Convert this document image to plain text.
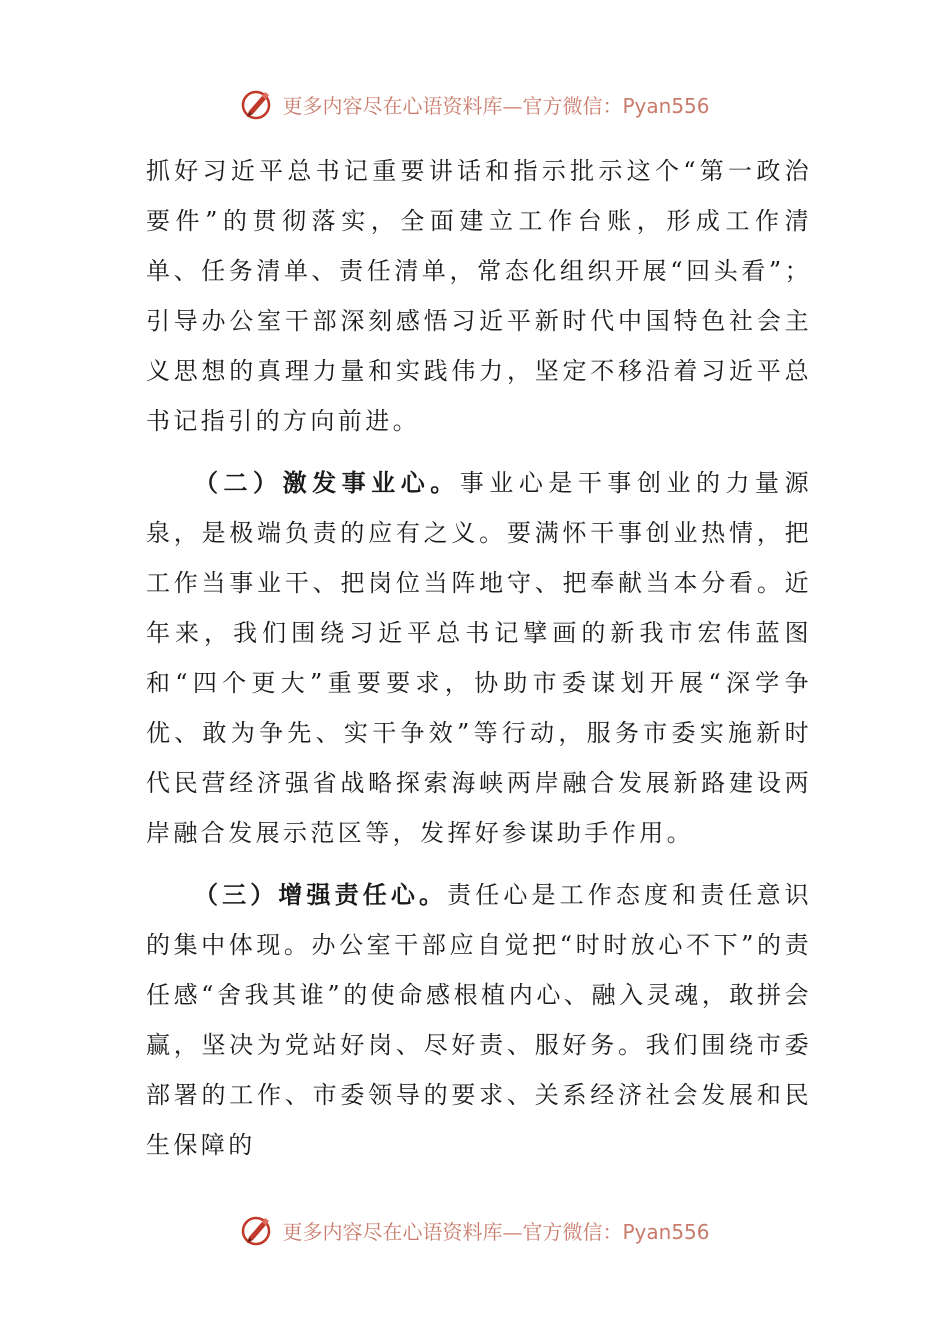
更多内容尽在心语资料库—官方微信：Pyan556

抓好习近平总书记重要讲话和指示批示这个“第一政治要件”的贯彻落实，全面建立工作台账，形成工作清单、任务清单、责任清单，常态化组织开展“回头看”；引导办公室干部深刻感悟习近平新时代中国特色社会主义思想的真理力量和实践伟力，坚定不移沿着习近平总书记指引的方向前进。

（二）激发事业心。事业心是干事创业的力量源泉，是极端负责的应有之义。要满怀干事创业热情，把工作当事业干、把岗位当阵地守、把奉献当本分看。近年来，我们围绕习近平总书记擘画的新我市宏伟蓝图和“四个更大”重要要求，协助市委谋划开展“深学争优、敢为争先、实干争效”等行动，服务市委实施新时代民营经济强省战略探索海峡两岸融合发展新路建设两岸融合发展示范区等，发挥好参谋助手作用。

（三）增强责任心。责任心是工作态度和责任意识的集中体现。办公室干部应自觉把“时时放心不下”的责任感“舍我其谁”的使命感根植内心、融入灵魂，敢拼会赢，坚决为党站好岗、尽好责、服好务。我们围绕市委部署的工作、市委领导的要求、关系经济社会发展和民生保障的

更多内容尽在心语资料库—官方微信：Pyan556
